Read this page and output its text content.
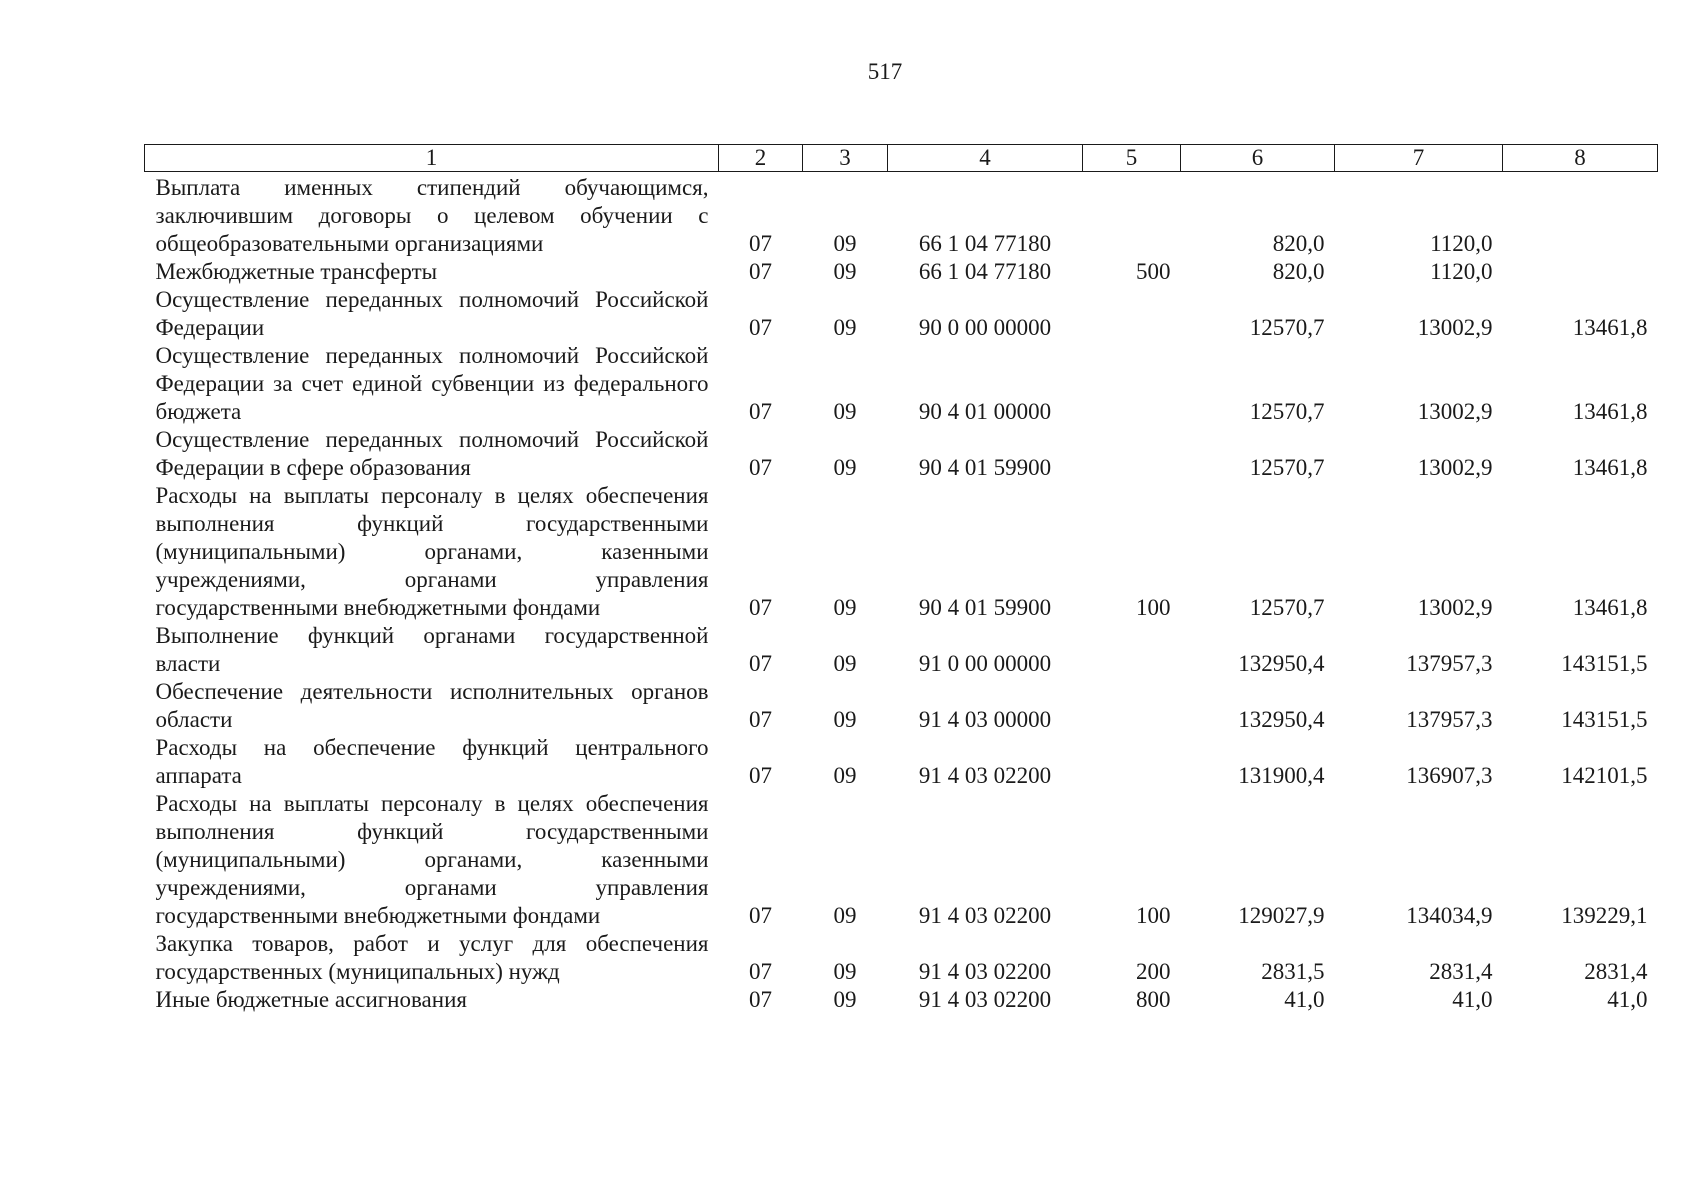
517
1	2	3	4	5	6	7	8
Выплата именных стипендий обучающимся, заключившим договоры о целевом обучении с общеобразовательными организациями	07	09	66 1 04 77180		820,0	1120,0	
Межбюджетные трансферты	07	09	66 1 04 77180	500	820,0	1120,0	
Осуществление переданных полномочий Российской Федерации	07	09	90 0 00 00000		12570,7	13002,9	13461,8
Осуществление переданных полномочий Российской Федерации за счет единой субвенции из федерального бюджета	07	09	90 4 01 00000		12570,7	13002,9	13461,8
Осуществление переданных полномочий Российской Федерации в сфере образования	07	09	90 4 01 59900		12570,7	13002,9	13461,8
Расходы на выплаты персоналу в целях обеспечения выполнения функций государственными (муниципальными) органами, казенными учреждениями, органами управления государственными внебюджетными фондами	07	09	90 4 01 59900	100	12570,7	13002,9	13461,8
Выполнение функций органами государственной власти	07	09	91 0 00 00000		132950,4	137957,3	143151,5
Обеспечение деятельности исполнительных органов области	07	09	91 4 03 00000		132950,4	137957,3	143151,5
Расходы на обеспечение функций центрального аппарата	07	09	91 4 03 02200		131900,4	136907,3	142101,5
Расходы на выплаты персоналу в целях обеспечения выполнения функций государственными (муниципальными) органами, казенными учреждениями, органами управления государственными внебюджетными фондами	07	09	91 4 03 02200	100	129027,9	134034,9	139229,1
Закупка товаров, работ и услуг для обеспечения государственных (муниципальных) нужд	07	09	91 4 03 02200	200	2831,5	2831,4	2831,4
Иные бюджетные ассигнования	07	09	91 4 03 02200	800	41,0	41,0	41,0
